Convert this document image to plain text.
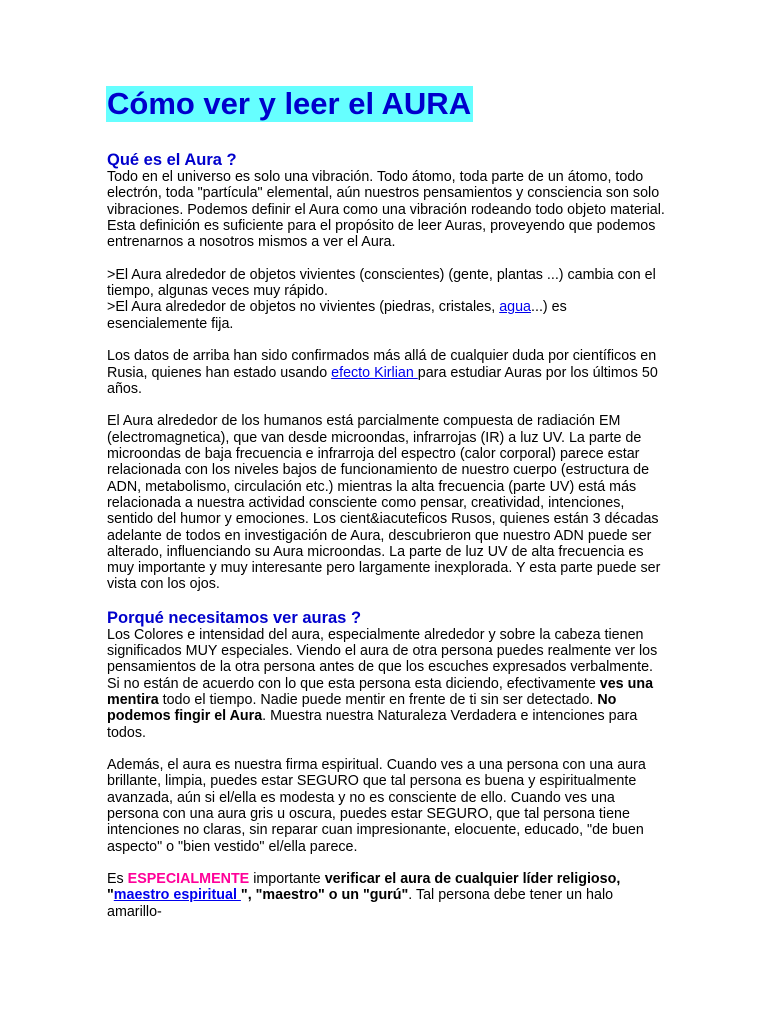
Cómo ver y leer el AURA
Qué es el Aura ?

Todo en el universo es solo una vibración. Todo átomo, toda parte de un átomo, todo electrón, toda "partícula" elemental, aún nuestros pensamientos y consciencia son solo vibraciones. Podemos definir el Aura como una vibración rodeando todo objeto material. Esta definición es suficiente para el propósito de leer Auras, proveyendo que podemos entrenarnos a nosotros mismos a ver el Aura.

>El Aura alrededor de objetos vivientes (conscientes) (gente, plantas ...) cambia con el tiempo, algunas veces muy rápido.
>El Aura alrededor de objetos no vivientes (piedras, cristales, agua...) es esencialemente fija.

Los datos de arriba han sido confirmados más allá de cualquier duda por científicos en Rusia, quienes han estado usando efecto Kirlian para estudiar Auras por los últimos 50 años.

El Aura alrededor de los humanos está parcialmente compuesta de radiación EM (electromagnetica), que van desde microondas, infrarrojas (IR) a luz UV. La parte de microondas de baja frecuencia e infrarroja del espectro (calor corporal) parece estar relacionada con los niveles bajos de funcionamiento de nuestro cuerpo (estructura de ADN, metabolismo, circulación etc.) mientras la alta frecuencia (parte UV) está más relacionada a nuestra actividad consciente como pensar, creatividad, intenciones, sentido del humor y emociones. Los cient&iacuteficos Rusos, quienes están 3 décadas adelante de todos en investigación de Aura, descubrieron que nuestro ADN puede ser alterado, influenciando su Aura microondas. La parte de luz UV de alta frecuencia es muy importante y muy interesante pero largamente inexplorada. Y esta parte puede ser vista con los ojos.

Porqué necesitamos ver auras ?

Los Colores e intensidad del aura, especialmente alrededor y sobre la cabeza tienen significados MUY especiales. Viendo el aura de otra persona puedes realmente ver los pensamientos de la otra persona antes de que los escuches expresados verbalmente. Si no están de acuerdo con lo que esta persona esta diciendo, efectivamente ves una mentira todo el tiempo. Nadie puede mentir en frente de ti sin ser detectado. No podemos fingir el Aura. Muestra nuestra Naturaleza Verdadera e intenciones para todos.

Además, el aura es nuestra firma espiritual. Cuando ves a una persona con una aura brillante, limpia, puedes estar SEGURO que tal persona es buena y espiritualmente avanzada, aún si el/ella es modesta y no es consciente de ello. Cuando ves una persona con una aura gris u oscura, puedes estar SEGURO, que tal persona tiene intenciones no claras, sin reparar cuan impresionante, elocuente, educado, "de buen aspecto" o "bien vestido" el/ella parece.

Es ESPECIALMENTE importante verificar el aura de cualquier líder religioso, "maestro espiritual ", "maestro" o un "gurú". Tal persona debe tener un halo amarillo-
